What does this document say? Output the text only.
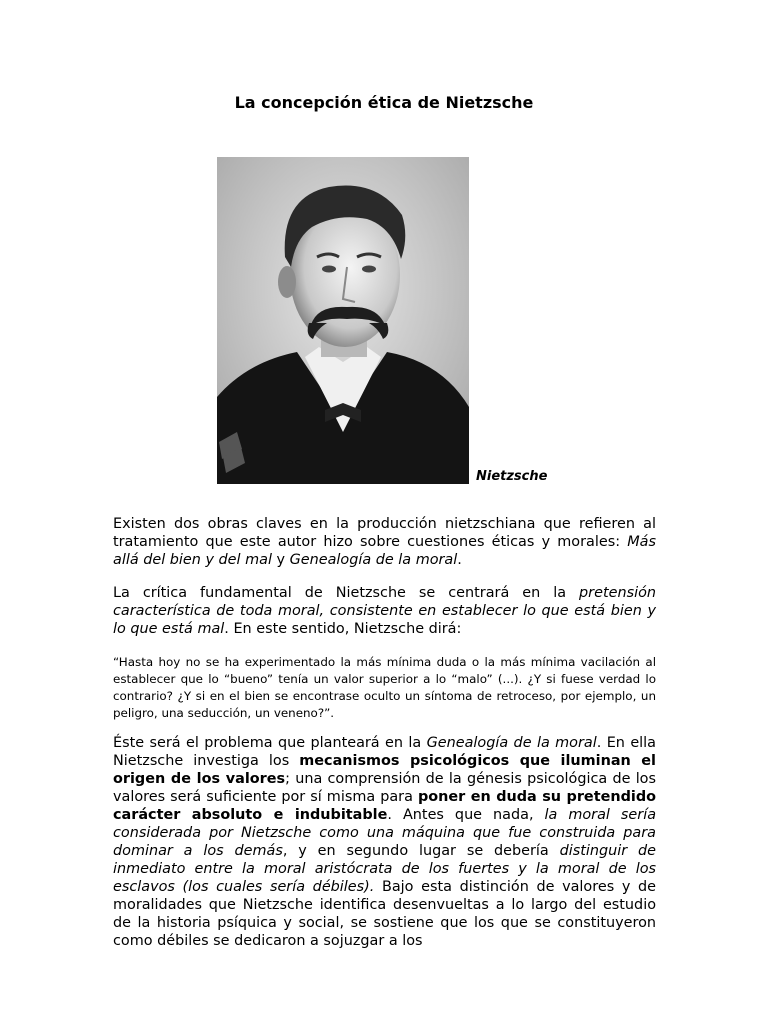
La concepción ética de Nietzsche
Nietzsche
Existen dos obras claves en la producción nietzschiana que refieren al tratamiento que este autor hizo sobre cuestiones éticas y morales: Más allá del bien y del mal y Genealogía de la moral.
La crítica fundamental de Nietzsche se centrará en la pretensión característica de toda moral, consistente en establecer lo que está bien y lo que está mal. En este sentido, Nietzsche dirá:
“Hasta hoy no se ha experimentado la más mínima duda o la más mínima vacilación al establecer que lo “bueno” tenía un valor superior a lo “malo” (...). ¿Y si fuese verdad lo contrario? ¿Y si en el bien se encontrase oculto un síntoma de retroceso, por ejemplo, un peligro, una seducción, un veneno?”.
Éste será el problema que planteará en la Genealogía de la moral. En ella Nietzsche investiga los mecanismos psicológicos que iluminan el origen de los valores; una comprensión de la génesis psicológica de los valores será suficiente por sí misma para poner en duda su pretendido carácter absoluto e indubitable. Antes que nada, la moral sería considerada por Nietzsche como una máquina que fue construida para dominar a los demás, y en segundo lugar se debería distinguir de inmediato entre la moral aristócrata de los fuertes y la moral de los esclavos (los cuales sería débiles). Bajo esta distinción de valores y de moralidades que Nietzsche identifica desenvueltas a lo largo del estudio de la historia psíquica y social, se sostiene que los que se constituyeron como débiles se dedicaron a sojuzgar a los
